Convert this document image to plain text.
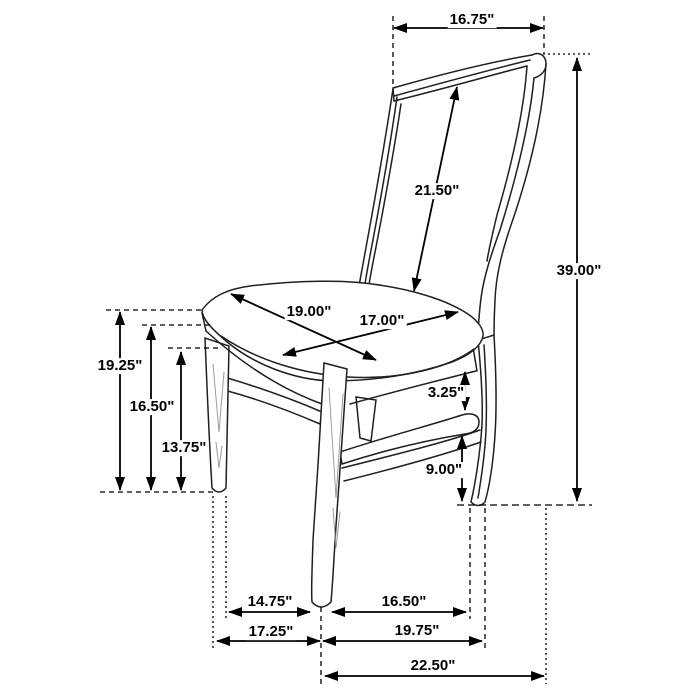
16.75"
21.50"
39.00"
19.00"
17.00"
19.25"
16.50"
13.75"
3.25"
9.00"
14.75"	16.50"
17.25"	19.75"
22.50"
